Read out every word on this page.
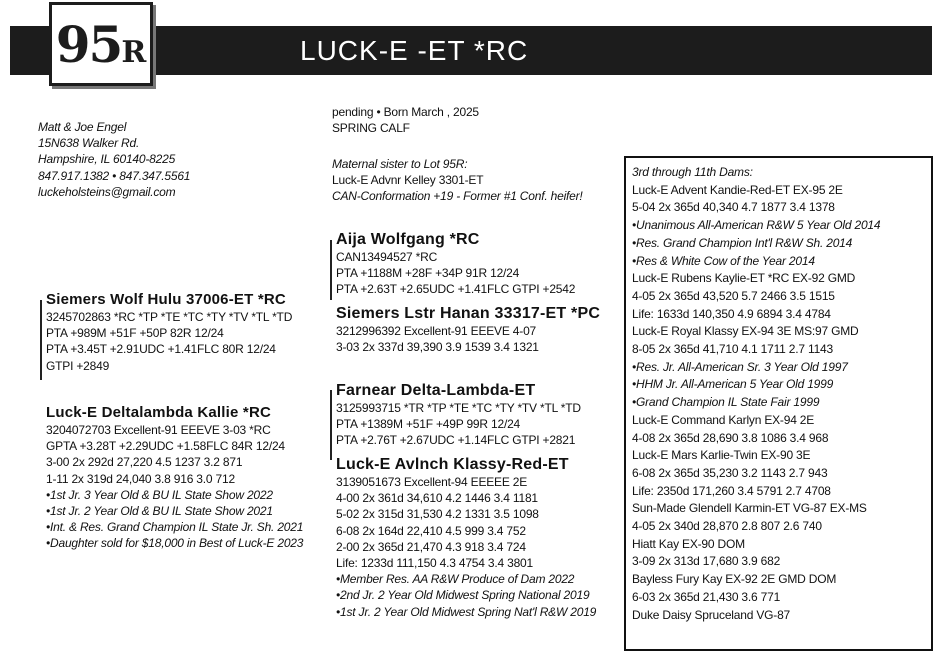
95R	LUCK-E -ET *RC
Matt & Joe Engel
15N638 Walker Rd.
Hampshire, IL 60140-8225
847.917.1382 • 847.347.5561
luckeholsteins@gmail.com
pending • Born March , 2025
SPRING CALF
Maternal sister to Lot 95R:
Luck-E Advnr Kelley 3301-ET
CAN-Conformation +19 - Former #1 Conf. heifer!
Siemers Wolf Hulu 37006-ET *RC
3245702863 *RC *TP *TE *TC *TY *TV *TL *TD
PTA +989M +51F +50P 82R 12/24
PTA +3.45T +2.91UDC +1.41FLC 80R 12/24
GTPI +2849
Luck-E Deltalambda Kallie *RC
3204072703 Excellent-91 EEEVE 3-03 *RC
GPTA +3.28T +2.29UDC +1.58FLC 84R 12/24
3-00 2x 292d 27,220 4.5 1237 3.2 871
1-11 2x 319d 24,040 3.8 916 3.0 712
•1st Jr. 3 Year Old & BU IL State Show 2022
•1st Jr. 2 Year Old & BU IL State Show 2021
•Int. & Res. Grand Champion IL State Jr. Sh. 2021
•Daughter sold for $18,000 in Best of Luck-E 2023
Aija Wolfgang *RC
CAN13494527 *RC
PTA +1188M +28F +34P 91R 12/24
PTA +2.63T +2.65UDC +1.41FLC GTPI +2542
Siemers Lstr Hanan 33317-ET *PC
3212996392 Excellent-91 EEEVE 4-07
3-03 2x 337d 39,390 3.9 1539 3.4 1321
Farnear Delta-Lambda-ET
3125993715 *TR *TP *TE *TC *TY *TV *TL *TD
PTA +1389M +51F +49P 99R 12/24
PTA +2.76T +2.67UDC +1.14FLC GTPI +2821
Luck-E Avlnch Klassy-Red-ET
3139051673 Excellent-94 EEEEE 2E
4-00 2x 361d 34,610 4.2 1446 3.4 1181
5-02 2x 315d 31,530 4.2 1331 3.5 1098
6-08 2x 164d 22,410 4.5 999 3.4 752
2-00 2x 365d 21,470 4.3 918 3.4 724
Life: 1233d 111,150 4.3 4754 3.4 3801
•Member Res. AA R&W Produce of Dam 2022
•2nd Jr. 2 Year Old Midwest Spring National 2019
•1st Jr. 2 Year Old Midwest Spring Nat'l R&W 2019
3rd through 11th Dams:
Luck-E Advent Kandie-Red-ET EX-95 2E
5-04 2x 365d 40,340 4.7 1877 3.4 1378
•Unanimous All-American R&W 5 Year Old 2014
•Res. Grand Champion Int'l R&W Sh. 2014
•Res & White Cow of the Year 2014
Luck-E Rubens Kaylie-ET *RC EX-92 GMD
4-05 2x 365d 43,520 5.7 2466 3.5 1515
Life: 1633d 140,350 4.9 6894 3.4 4784
Luck-E Royal Klassy EX-94 3E MS:97 GMD
8-05 2x 365d 41,710 4.1 1711 2.7 1143
•Res. Jr. All-American Sr. 3 Year Old 1997
•HHM Jr. All-American 5 Year Old 1999
•Grand Champion IL State Fair 1999
Luck-E Command Karlyn EX-94 2E
4-08 2x 365d 28,690 3.8 1086 3.4 968
Luck-E Mars Karlie-Twin EX-90 3E
6-08 2x 365d 35,230 3.2 1143 2.7 943
Life: 2350d 171,260 3.4 5791 2.7 4708
Sun-Made Glendell Karmin-ET VG-87 EX-MS
4-05 2x 340d 28,870 2.8 807 2.6 740
Hiatt Kay EX-90 DOM
3-09 2x 313d 17,680 3.9 682
Bayless Fury Kay EX-92 2E GMD DOM
6-03 2x 365d 21,430 3.6 771
Duke Daisy Spruceland VG-87
